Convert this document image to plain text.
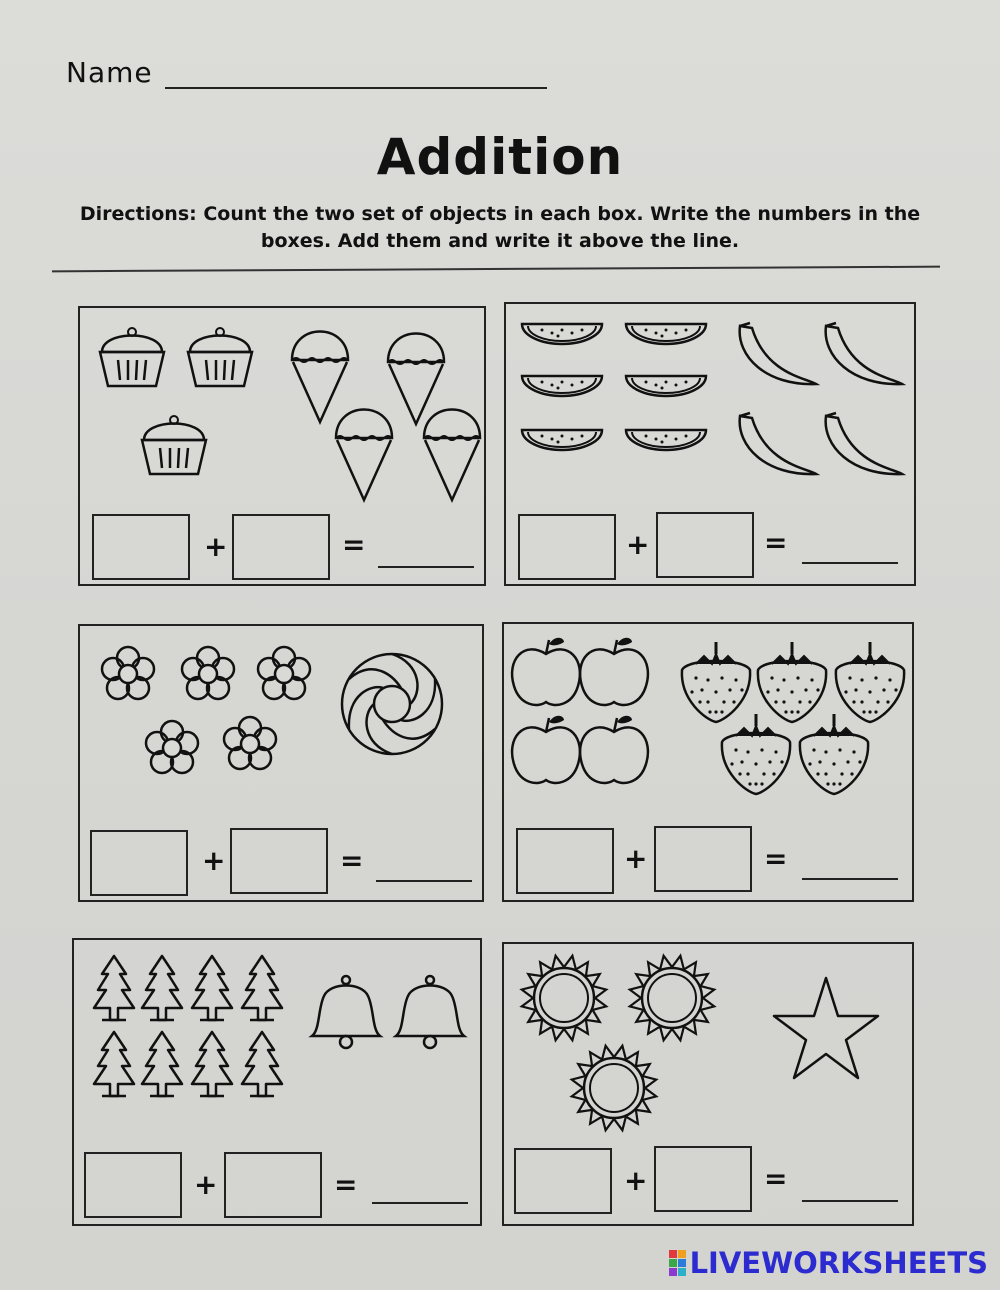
Name
Addition
Directions: Count the two set of objects in each box. Write the numbers in the boxes. Add them and write it above the line.
+	=	+	=
+	=	+	=
+	=	+	=
LIVEWORKSHEETS
